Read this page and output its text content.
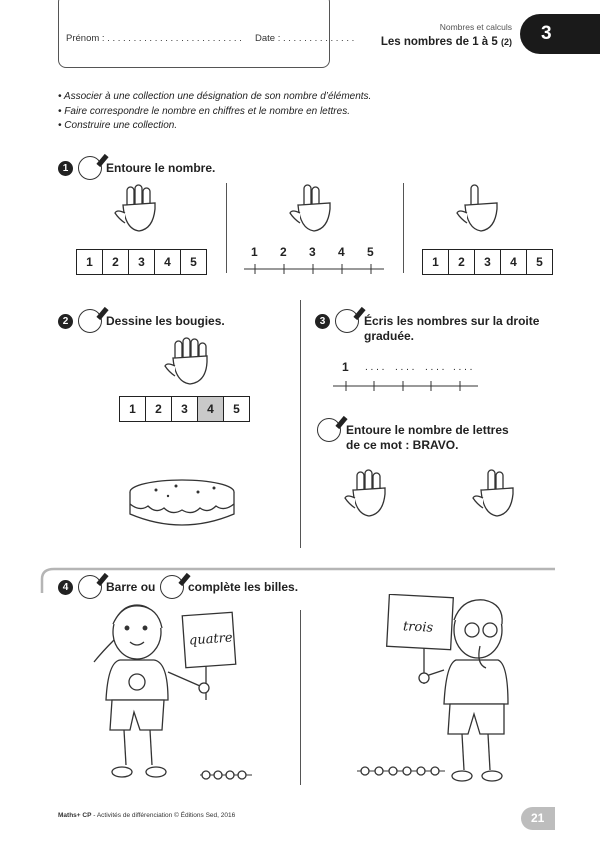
Prénom : . . . . . . . . . . . . . . . . . . . . . . . . . . Date : . . . . . . . . . . . . . .
Nombres et calculs
Les nombres de 1 à 5 (2) 3
• Associer à une collection une désignation de son nombre d’éléments.
• Faire correspondre le nombre en chiffres et le nombre en lettres.
• Construire une collection.
1	Entoure le nombre.
1	2	3	4	5
1 2 3 4 5
1	2	3	4	5
2	Dessine les bougies.
1	2	3	4	5
3	Écris les nombres sur la droite
graduée.
1 . . . . . . . . . . . . . . . .
Entoure le nombre de lettres
de ce mot : BRAVO.
4	Barre ou	complète les billes.
quatre
trois
Maths+ CP - Activités de différenciation © Éditions Sed, 2016	21
